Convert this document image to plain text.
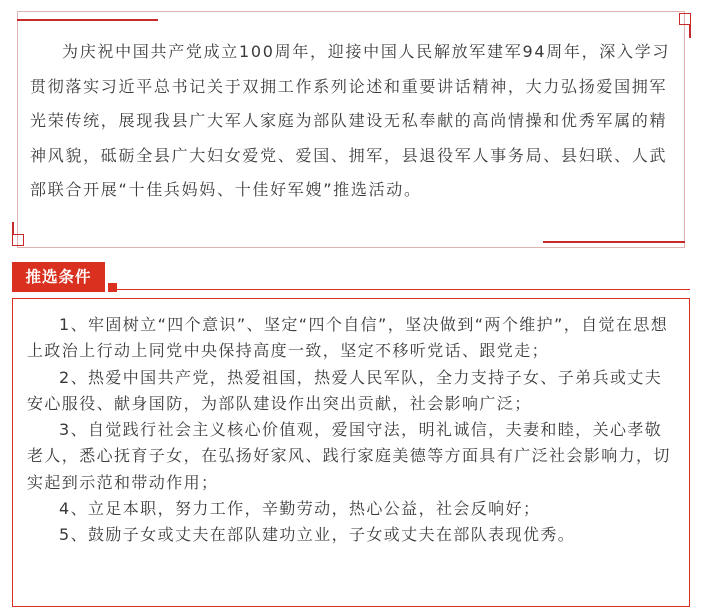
为庆祝中国共产党成立100周年，迎接中国人民解放军建军94周年，深入学习贯彻落实习近平总书记关于双拥工作系列论述和重要讲话精神，大力弘扬爱国拥军光荣传统，展现我县广大军人家庭为部队建设无私奉献的高尚情操和优秀军属的精神风貌，砥砺全县广大妇女爱党、爱国、拥军，县退役军人事务局、县妇联、人武部联合开展“十佳兵妈妈、十佳好军嫂”推选活动。

推选条件
1、牢固树立“四个意识”、坚定“四个自信”，坚决做到“两个维护”，自觉在思想上政治上行动上同党中央保持高度一致，坚定不移听党话、跟党走；
2、热爱中国共产党，热爱祖国，热爱人民军队，全力支持子女、子弟兵或丈夫安心服役、献身国防，为部队建设作出突出贡献，社会影响广泛；
3、自觉践行社会主义核心价值观，爱国守法，明礼诚信，夫妻和睦，关心孝敬老人，悉心抚育子女，在弘扬好家风、践行家庭美德等方面具有广泛社会影响力，切实起到示范和带动作用；
4、立足本职，努力工作，辛勤劳动，热心公益，社会反响好；
5、鼓励子女或丈夫在部队建功立业，子女或丈夫在部队表现优秀。
